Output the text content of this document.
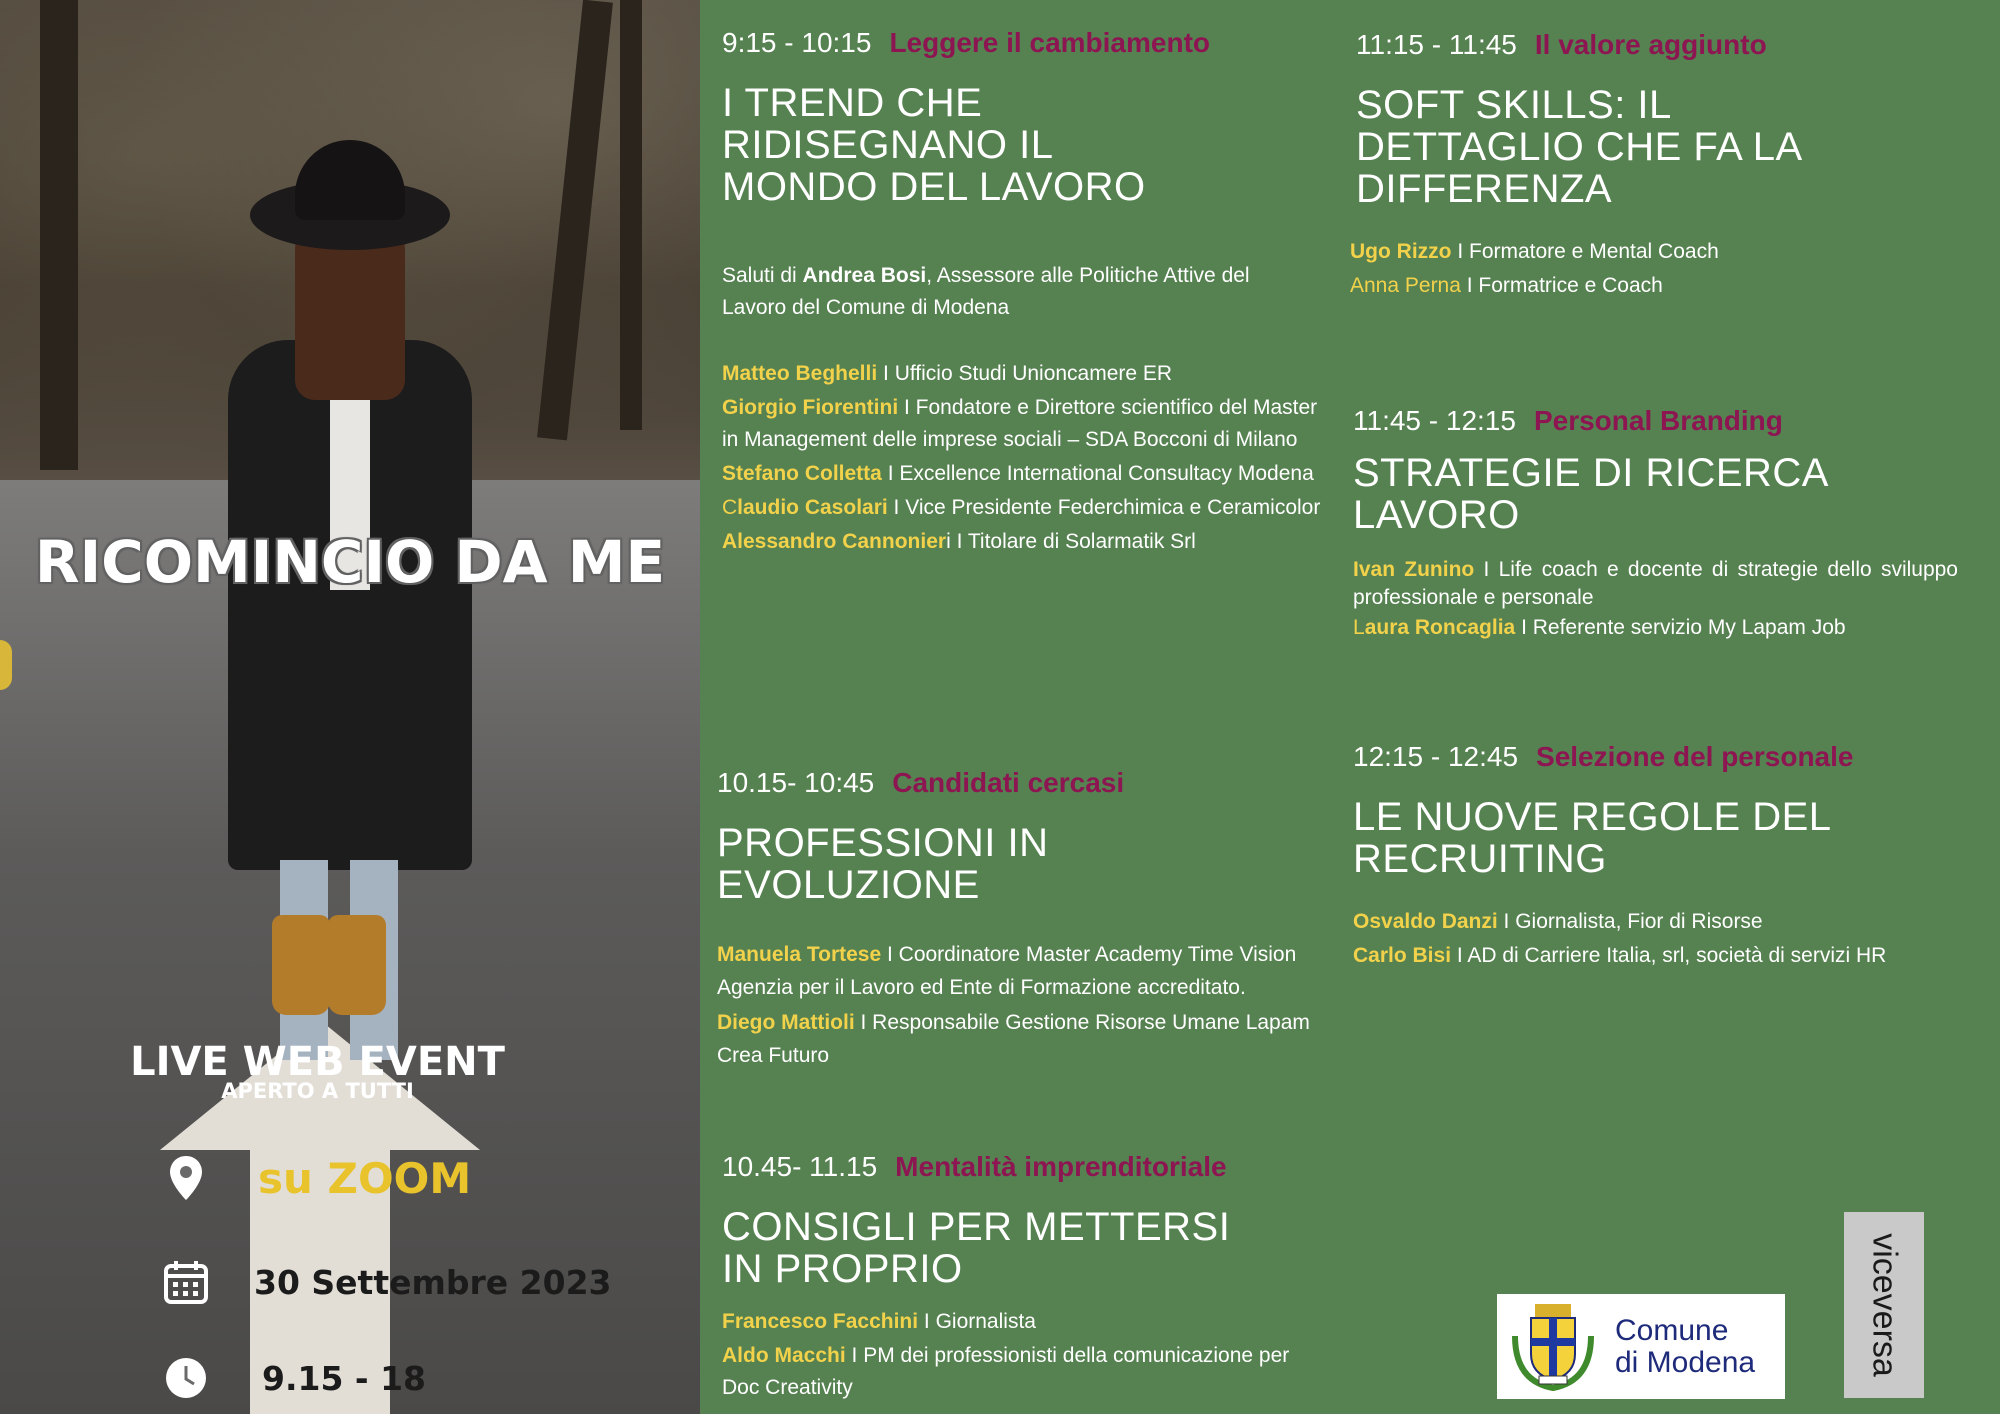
RICOMINCIO DA ME
LIVE WEB EVENT
APERTO A TUTTI
su ZOOM
30 Settembre 2023
9.15 - 18
9:15 - 10:15 Leggere il cambiamento
I TREND CHE
RIDISEGNANO IL
MONDO DEL LAVORO
Saluti di Andrea Bosi, Assessore alle Politiche Attive del Lavoro del Comune di Modena
Matteo Beghelli I Ufficio Studi Unioncamere ER
Giorgio Fiorentini I Fondatore e Direttore scientifico del Master in Management delle imprese sociali – SDA Bocconi di Milano
Stefano Colletta I Excellence International Consultacy Modena
Claudio Casolari I Vice Presidente Federchimica e Ceramicolor
Alessandro Cannonieri I Titolare di Solarmatik Srl
10.15- 10:45 Candidati cercasi
PROFESSIONI IN
EVOLUZIONE
Manuela Tortese I Coordinatore Master Academy Time Vision Agenzia per il Lavoro ed Ente di Formazione accreditato.
Diego Mattioli I Responsabile Gestione Risorse Umane Lapam Crea Futuro
10.45- 11.15 Mentalità imprenditoriale
CONSIGLI PER METTERSI
IN PROPRIO
Francesco Facchini I Giornalista
Aldo Macchi I PM dei professionisti della comunicazione per Doc Creativity
11:15 - 11:45 Il valore aggiunto
SOFT SKILLS: IL
DETTAGLIO CHE FA LA
DIFFERENZA
Ugo Rizzo I Formatore e Mental Coach
Anna Perna I Formatrice e Coach
11:45 - 12:15 Personal Branding
STRATEGIE DI RICERCA
LAVORO
Ivan Zunino I Life coach e docente di strategie dello sviluppo professionale e personale
Laura Roncaglia I Referente servizio My Lapam Job
12:15 - 12:45 Selezione del personale
LE NUOVE REGOLE DEL
RECRUITING
Osvaldo Danzi I Giornalista, Fior di Risorse
Carlo Bisi I AD di Carriere Italia, srl, società di servizi HR
Comune
di Modena	viceversa
